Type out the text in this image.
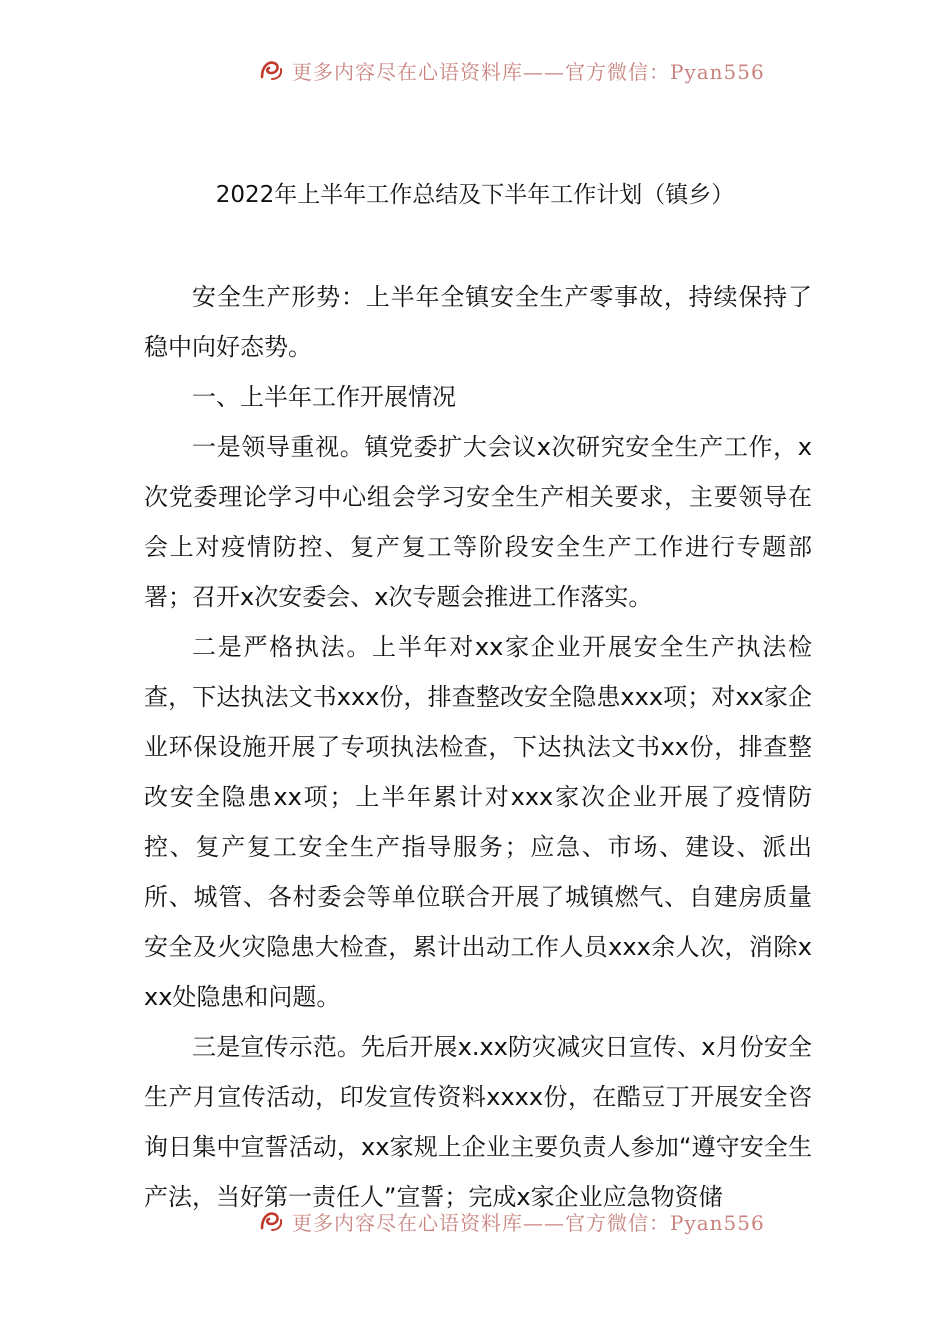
更多内容尽在心语资料库——官方微信：Pyan556
2022年上半年工作总结及下半年工作计划（镇乡）

安全生产形势：上半年全镇安全生产零事故，持续保持了稳中向好态势。

一、上半年工作开展情况

一是领导重视。镇党委扩大会议x次研究安全生产工作，x次党委理论学习中心组会学习安全生产相关要求，主要领导在会上对疫情防控、复产复工等阶段安全生产工作进行专题部署；召开x次安委会、x次专题会推进工作落实。

二是严格执法。上半年对xx家企业开展安全生产执法检查，下达执法文书xxx份，排查整改安全隐患xxx项；对xx家企业环保设施开展了专项执法检查，下达执法文书xx份，排查整改安全隐患xx项；上半年累计对xxx家次企业开展了疫情防控、复产复工安全生产指导服务；应急、市场、建设、派出所、城管、各村委会等单位联合开展了城镇燃气、自建房质量安全及火灾隐患大检查，累计出动工作人员xxx余人次，消除xxx处隐患和问题。

三是宣传示范。先后开展x.xx防灾减灾日宣传、x月份安全生产月宣传活动，印发宣传资料xxxx份，在酷豆丁开展安全咨询日集中宣誓活动，xx家规上企业主要负责人参加“遵守安全生产法，当好第一责任人”宣誓；完成x家企业应急物资储

更多内容尽在心语资料库——官方微信：Pyan556
